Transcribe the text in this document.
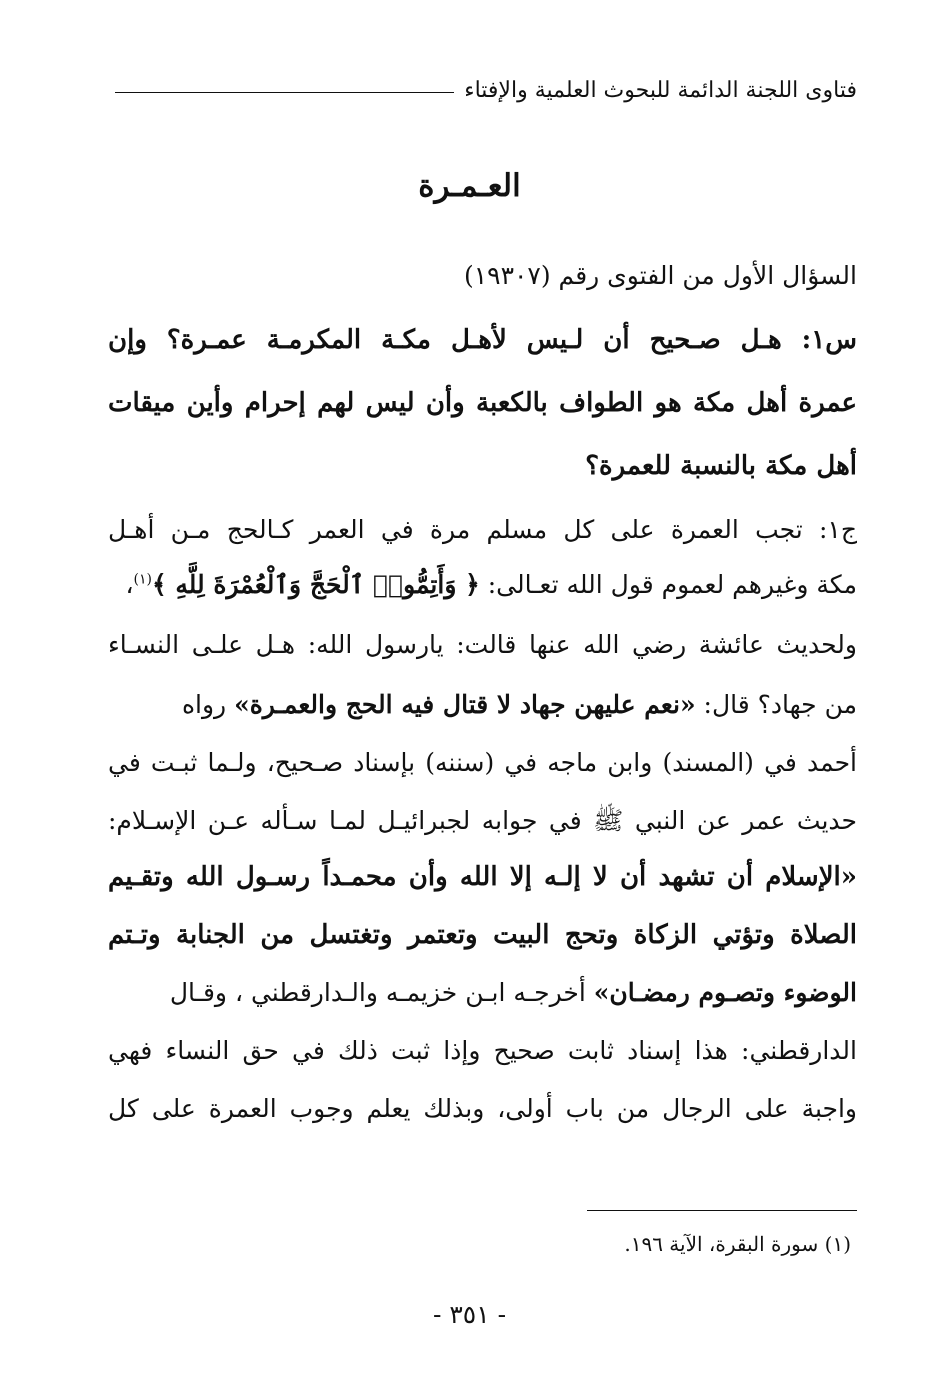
فتاوى اللجنة الدائمة للبحوث العلمية والإفتاء
العـمـرة
السؤال الأول من الفتوى رقم (١٩٣٠٧)
س١: هـل صـحيح أن لـيس لأهـل مكـة المكرمـة عمـرة؟ وإن
عمرة أهل مكة هو الطواف بالكعبة وأن ليس لهم إحرام وأين ميقات
أهل مكة بالنسبة للعمرة؟
ج١: تجب العمرة على كل مسلم مرة في العمر كـالحج مـن أهـل
مكة وغيرهم لعموم قول الله تعـالى: ﴿ وَأَتِمُّوا۟ ٱلْحَجَّ وَٱلْعُمْرَةَ لِلَّهِ ﴾$^{(١)}$،
ولحديث عائشة رضي الله عنها قالت: يارسول الله: هـل علـى النسـاء
من جهاد؟ قال: «نعم عليهن جهاد لا قتال فيه الحج والعمـرة» رواه
أحمد في (المسند) وابن ماجه في (سننه) بإسناد صـحيح، ولـما ثبـت في
حديث عمر عن النبي ﷺ في جوابه لجبرائيـل لمـا سـأله عـن الإسـلام:
«الإسلام أن تشهد أن لا إلـه إلا الله وأن محمـداً رسـول الله وتقـيم
الصلاة وتؤتي الزكاة وتحج البيت وتعتمر وتغتسل من الجنابة وتـتم
الوضوء وتصـوم رمضـان» أخرجـه ابـن خزيمـه والـدارقطني ، وقـال
الدارقطني: هذا إسناد ثابت صحيح وإذا ثبت ذلك في حق النساء فهي
واجبة على الرجال من باب أولى، وبذلك يعلم وجوب العمرة على كل
(١) سورة البقرة، الآية ١٩٦.
- ٣٥١ -
